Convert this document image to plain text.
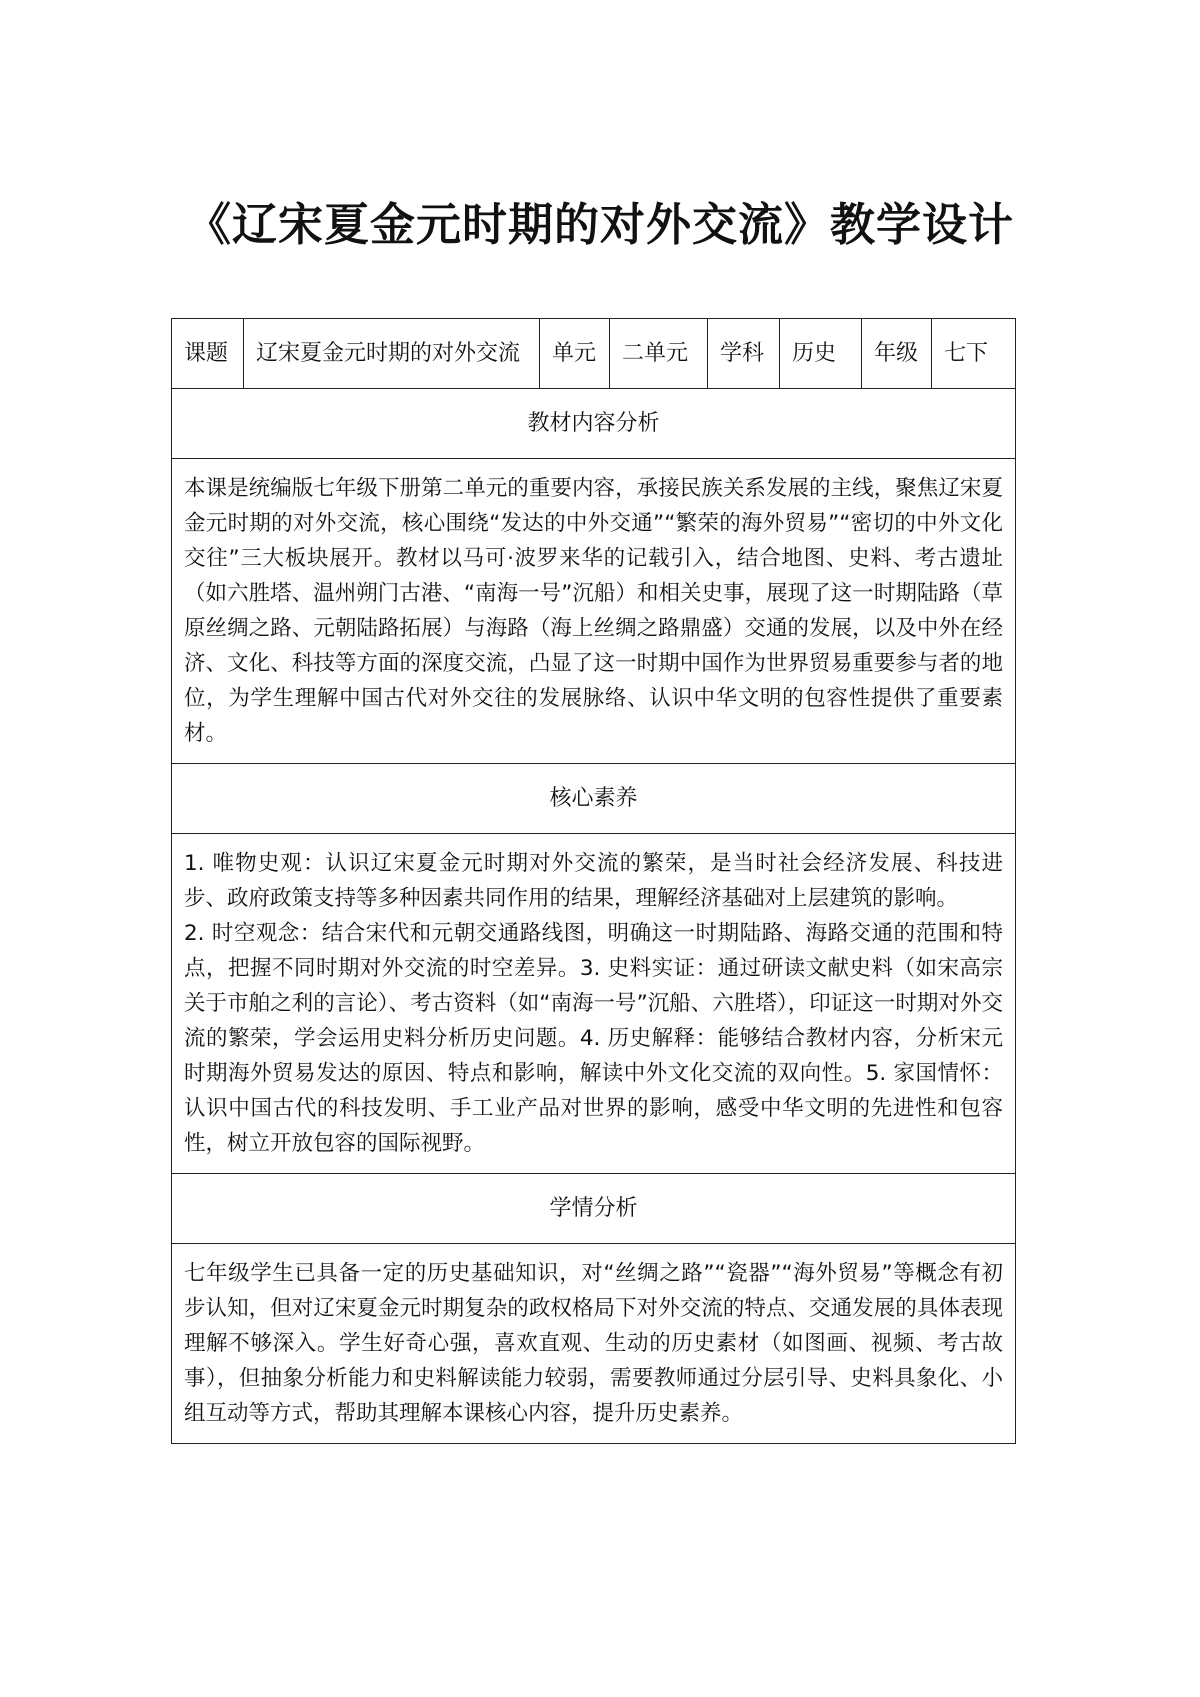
《辽宋夏金元时期的对外交流》教学设计
课题	辽宋夏金元时期的对外交流	单元	二单元	学科	历史	年级	七下
教材内容分析

本课是统编版七年级下册第二单元的重要内容，承接民族关系发展的主线，聚焦辽宋夏金元时期的对外交流，核心围绕“发达的中外交通”“繁荣的海外贸易”“密切的中外文化交往”三大板块展开。教材以马可·波罗来华的记载引入，结合地图、史料、考古遗址（如六胜塔、温州朔门古港、“南海一号”沉船）和相关史事，展现了这一时期陆路（草原丝绸之路、元朝陆路拓展）与海路（海上丝绸之路鼎盛）交通的发展，以及中外在经济、文化、科技等方面的深度交流，凸显了这一时期中国作为世界贸易重要参与者的地位，为学生理解中国古代对外交往的发展脉络、认识中华文明的包容性提供了重要素材。

核心素养

1. 唯物史观：认识辽宋夏金元时期对外交流的繁荣，是当时社会经济发展、科技进步、政府政策支持等多种因素共同作用的结果，理解经济基础对上层建筑的影响。

2. 时空观念：结合宋代和元朝交通路线图，明确这一时期陆路、海路交通的范围和特点，把握不同时期对外交流的时空差异。3. 史料实证：通过研读文献史料（如宋高宗关于市舶之利的言论）、考古资料（如“南海一号”沉船、六胜塔），印证这一时期对外交流的繁荣，学会运用史料分析历史问题。4. 历史解释：能够结合教材内容，分析宋元时期海外贸易发达的原因、特点和影响，解读中外文化交流的双向性。5. 家国情怀：认识中国古代的科技发明、手工业产品对世界的影响，感受中华文明的先进性和包容性，树立开放包容的国际视野。

学情分析

七年级学生已具备一定的历史基础知识，对“丝绸之路”“瓷器”“海外贸易”等概念有初步认知，但对辽宋夏金元时期复杂的政权格局下对外交流的特点、交通发展的具体表现理解不够深入。学生好奇心强，喜欢直观、生动的历史素材（如图画、视频、考古故事），但抽象分析能力和史料解读能力较弱，需要教师通过分层引导、史料具象化、小组互动等方式，帮助其理解本课核心内容，提升历史素养。
